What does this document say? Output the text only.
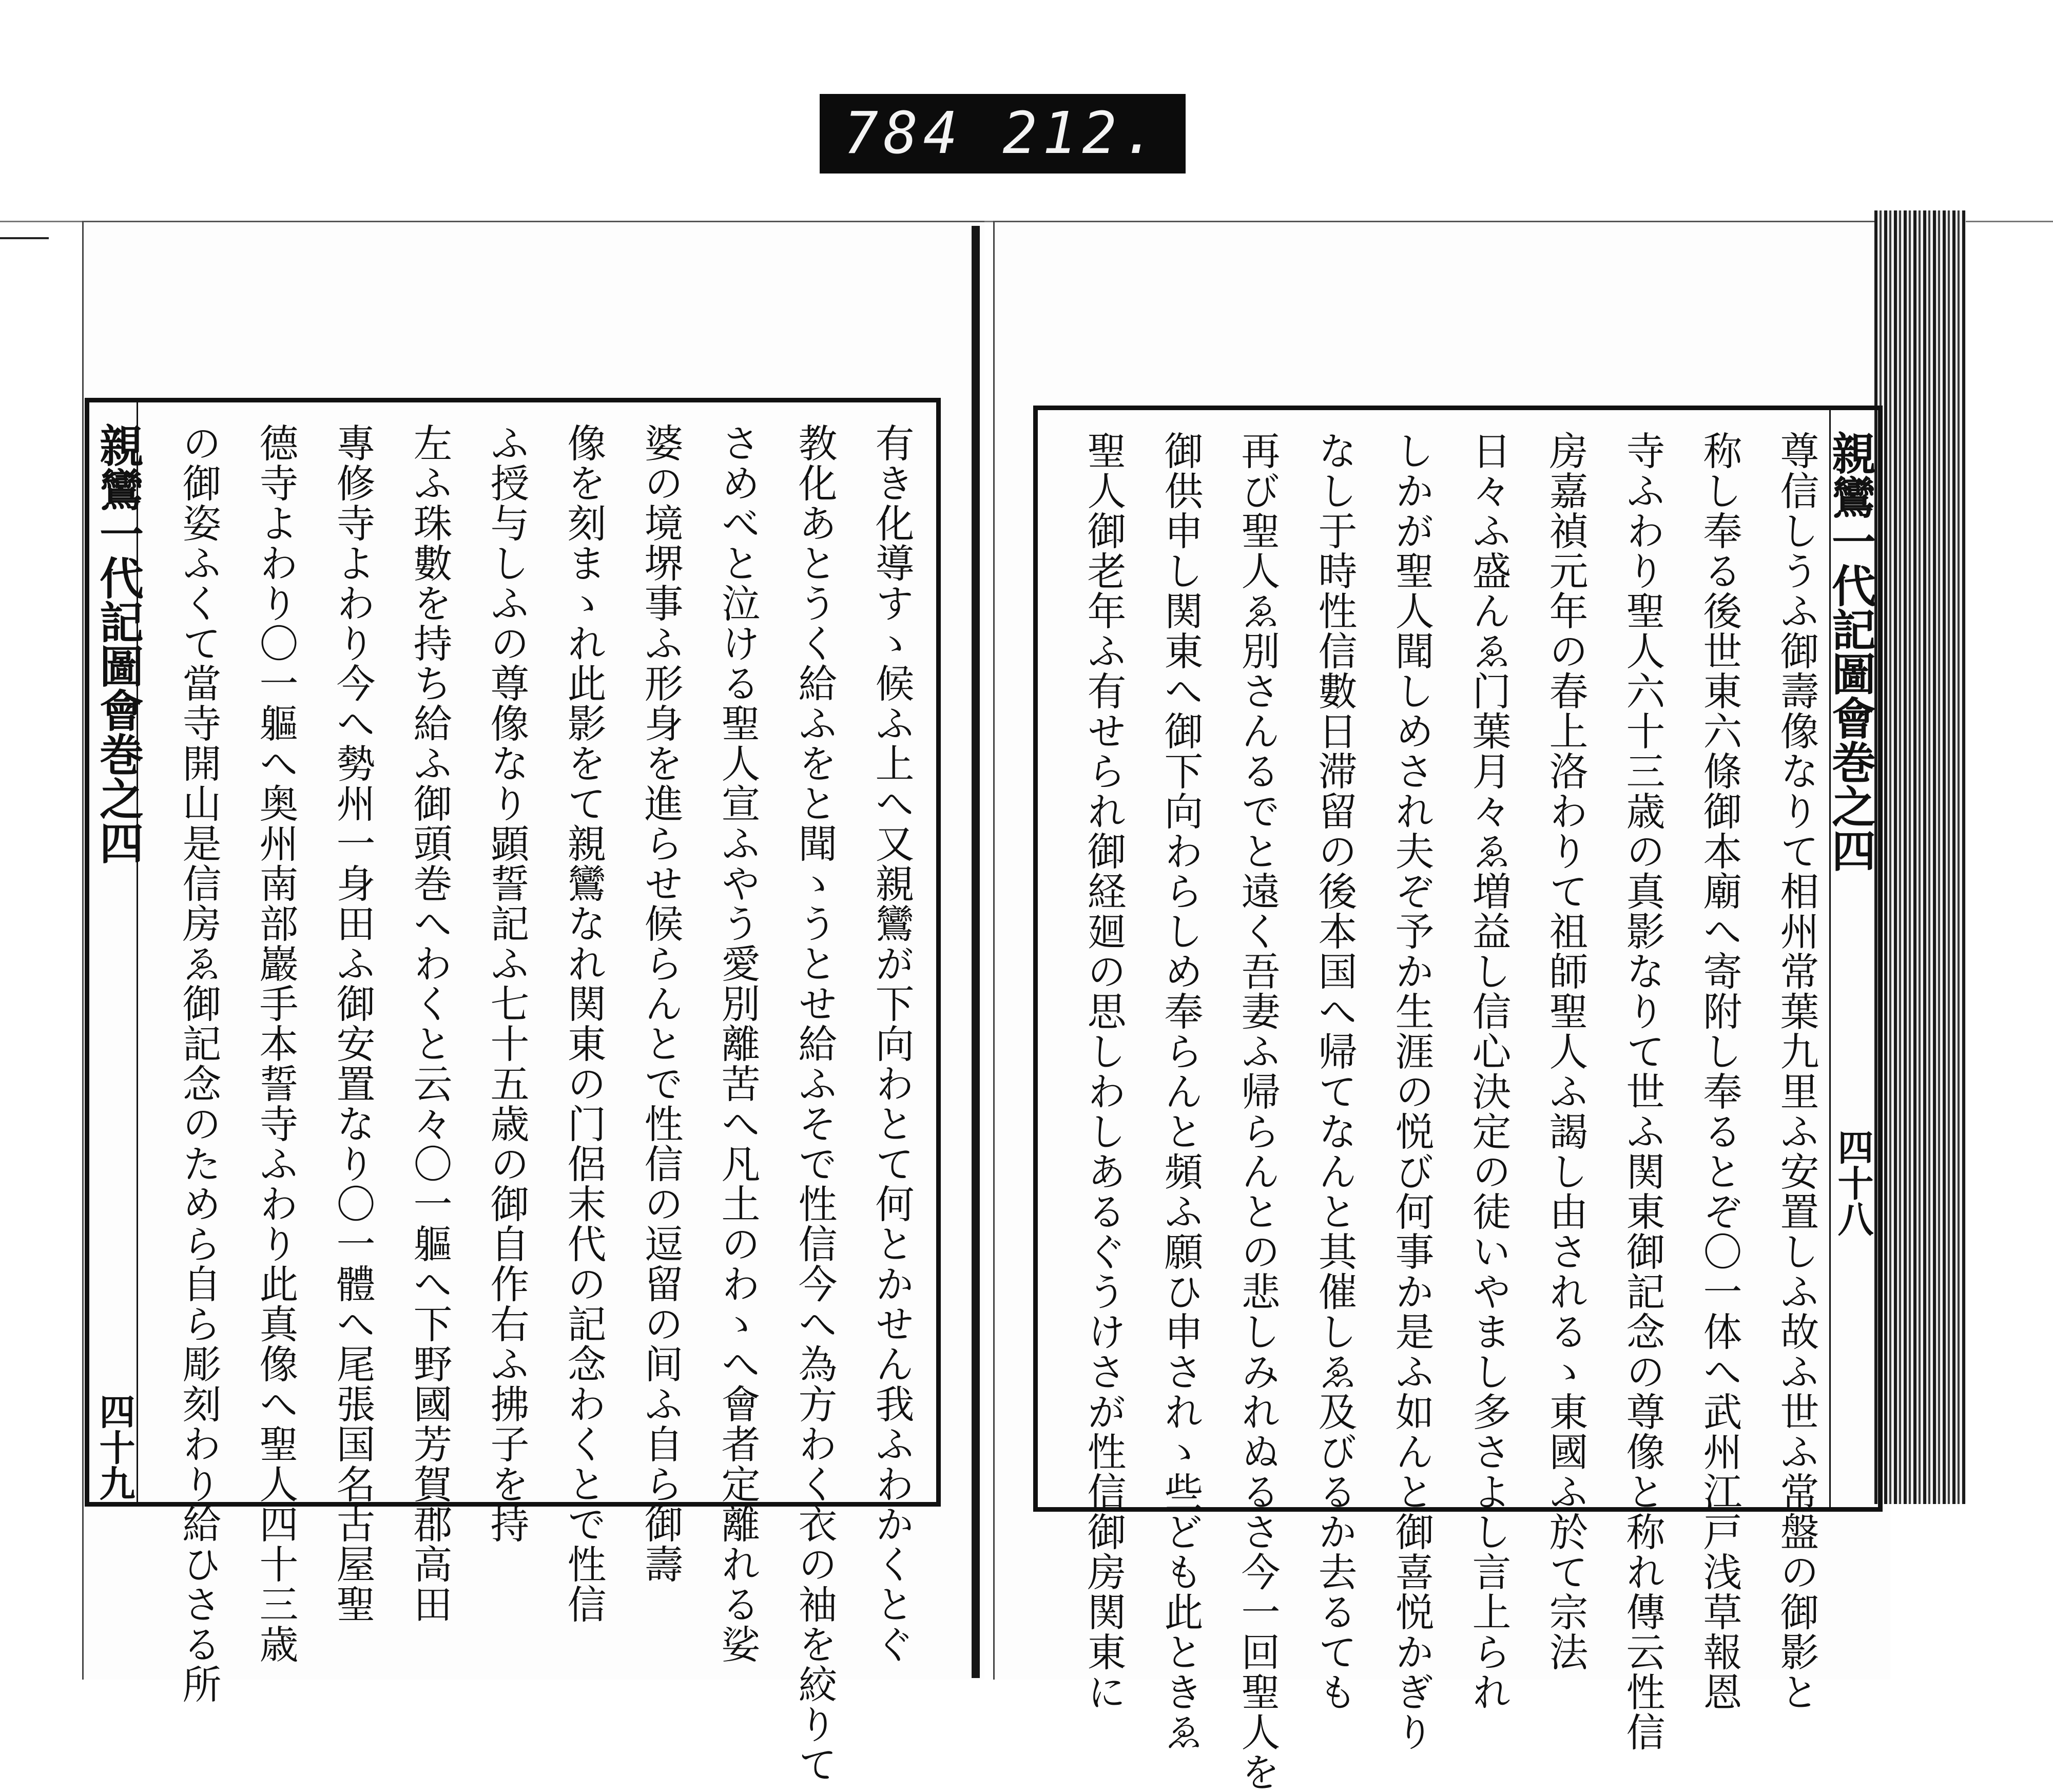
784 212.
親鸞一代記圖會巻之四
四十九	有き化導すゝ候ふ上へ又親鸞が下向わとて何とかせん我ふわかくとぐ
教化あとうく給ふをと聞ゝうとせ給ふそで性信今へ為方わく衣の袖を絞りて
さめべと泣ける聖人宣ふやう愛別離苦へ凡土のわゝへ會者定離れる娑
婆の境堺事ふ形身を進らせ候らんとで性信の逗留の间ふ自ら御壽
像を刻まゝれ此影をて親鸞なれ関東の门侶末代の記念わくとで性信
ふ授与しふの尊像なり顕誓記ふ七十五歳の御自作右ふ拂子を持
左ふ珠數を持ち給ふ御頭巻へわくと云々〇一軀へ下野國芳賀郡高田
專修寺よわり今へ勢州一身田ふ御安置なり〇一體へ尾張国名古屋聖
德寺よわり〇一軀へ奥州南部巖手本誓寺ふわり此真像へ聖人四十三歳
の御姿ふくて當寺開山是信房ゑ御記念のためら自ら彫刻わり給ひさる所	親鸞一代記圖會巻之四
四十八
尊信しうふ御壽像なりて相州常葉九里ふ安置しふ故ふ世ふ常盤の御影と
称し奉る後世東六條御本廟へ寄附し奉るとぞ〇一体へ武州江戸浅草報恩
寺ふわり聖人六十三歳の真影なりて世ふ関東御記念の尊像と称れ傳云性信
房嘉禎元年の春上洛わりて祖師聖人ふ謁し由されるゝ東國ふ於て宗法
日々ふ盛んゑ门葉月々ゑ増益し信心決定の徒いやまし多さよし言上られ
しかが聖人聞しめされ夫ぞ予か生涯の悦び何事か是ふ如んと御喜悦かぎり
なし于時性信數日滞留の後本国へ帰てなんと其催しゑ及びるか去るても
再び聖人ゑ別さんるでと遠く吾妻ふ帰らんとの悲しみれぬるさ今一回聖人を
御供申し関東へ御下向わらしめ奉らんと頻ふ願ひ申されゝ些ども此ときゑ
聖人御老年ふ有せられ御経廻の思しわしあるぐうけさが性信御房関東に
